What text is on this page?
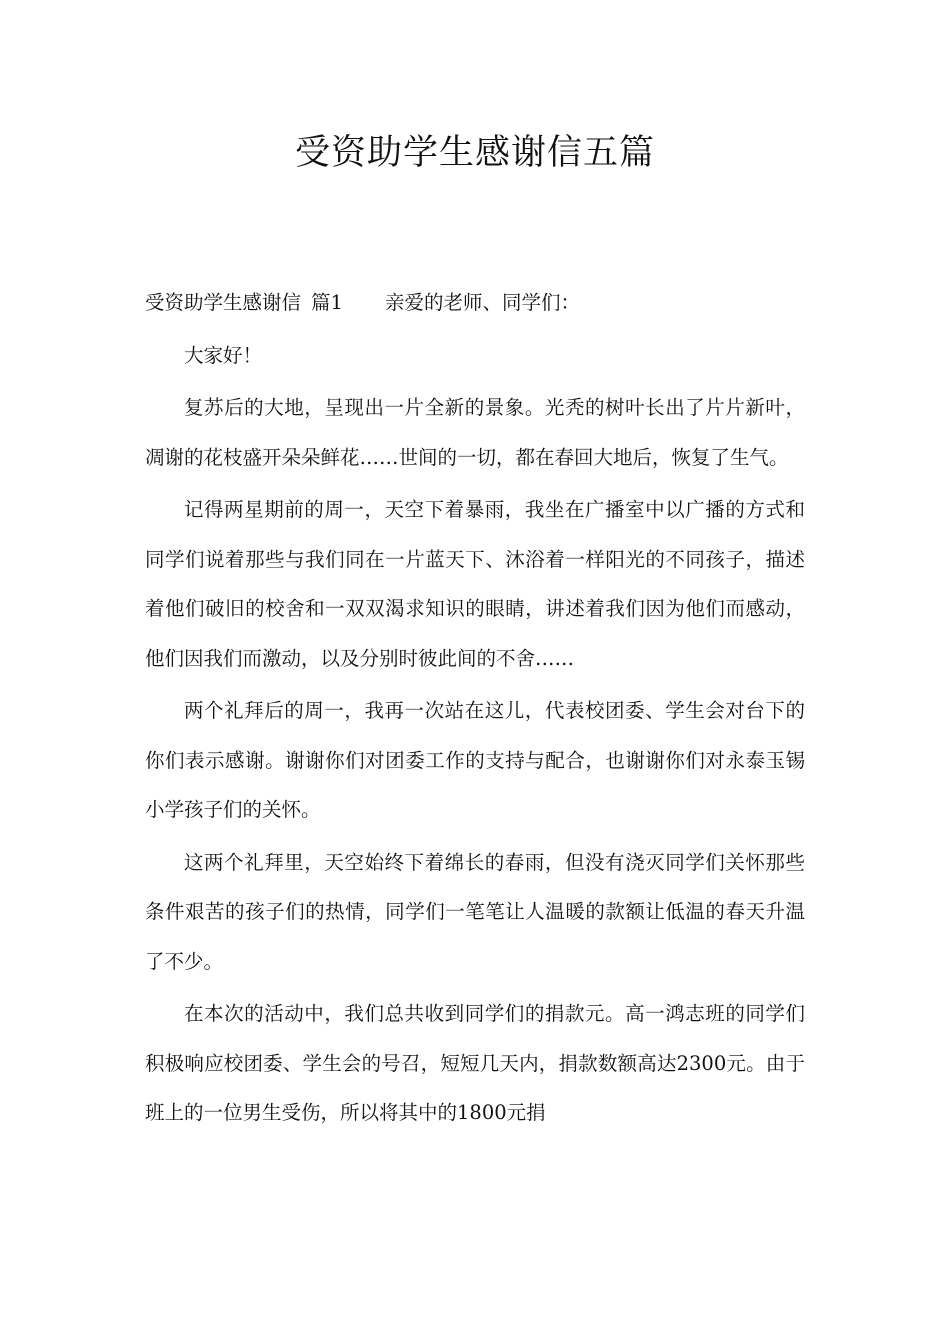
受资助学生感谢信五篇

受资助学生感谢信 篇1 亲爱的老师、同学们：

大家好！

复苏后的大地，呈现出一片全新的景象。光秃的树叶长出了片片新叶，凋谢的花枝盛开朵朵鲜花……世间的一切，都在春回大地后，恢复了生气。

记得两星期前的周一，天空下着暴雨，我坐在广播室中以广播的方式和同学们说着那些与我们同在一片蓝天下、沐浴着一样阳光的不同孩子，描述着他们破旧的校舍和一双双渴求知识的眼睛，讲述着我们因为他们而感动，他们因我们而激动，以及分别时彼此间的不舍……

两个礼拜后的周一，我再一次站在这儿，代表校团委、学生会对台下的你们表示感谢。谢谢你们对团委工作的支持与配合，也谢谢你们对永泰玉锡小学孩子们的关怀。

这两个礼拜里，天空始终下着绵长的春雨，但没有浇灭同学们关怀那些条件艰苦的孩子们的热情，同学们一笔笔让人温暖的款额让低温的春天升温了不少。

在本次的活动中，我们总共收到同学们的捐款元。高一鸿志班的同学们积极响应校团委、学生会的号召，短短几天内，捐款数额高达2300元。由于班上的一位男生受伤，所以将其中的1800元捐
